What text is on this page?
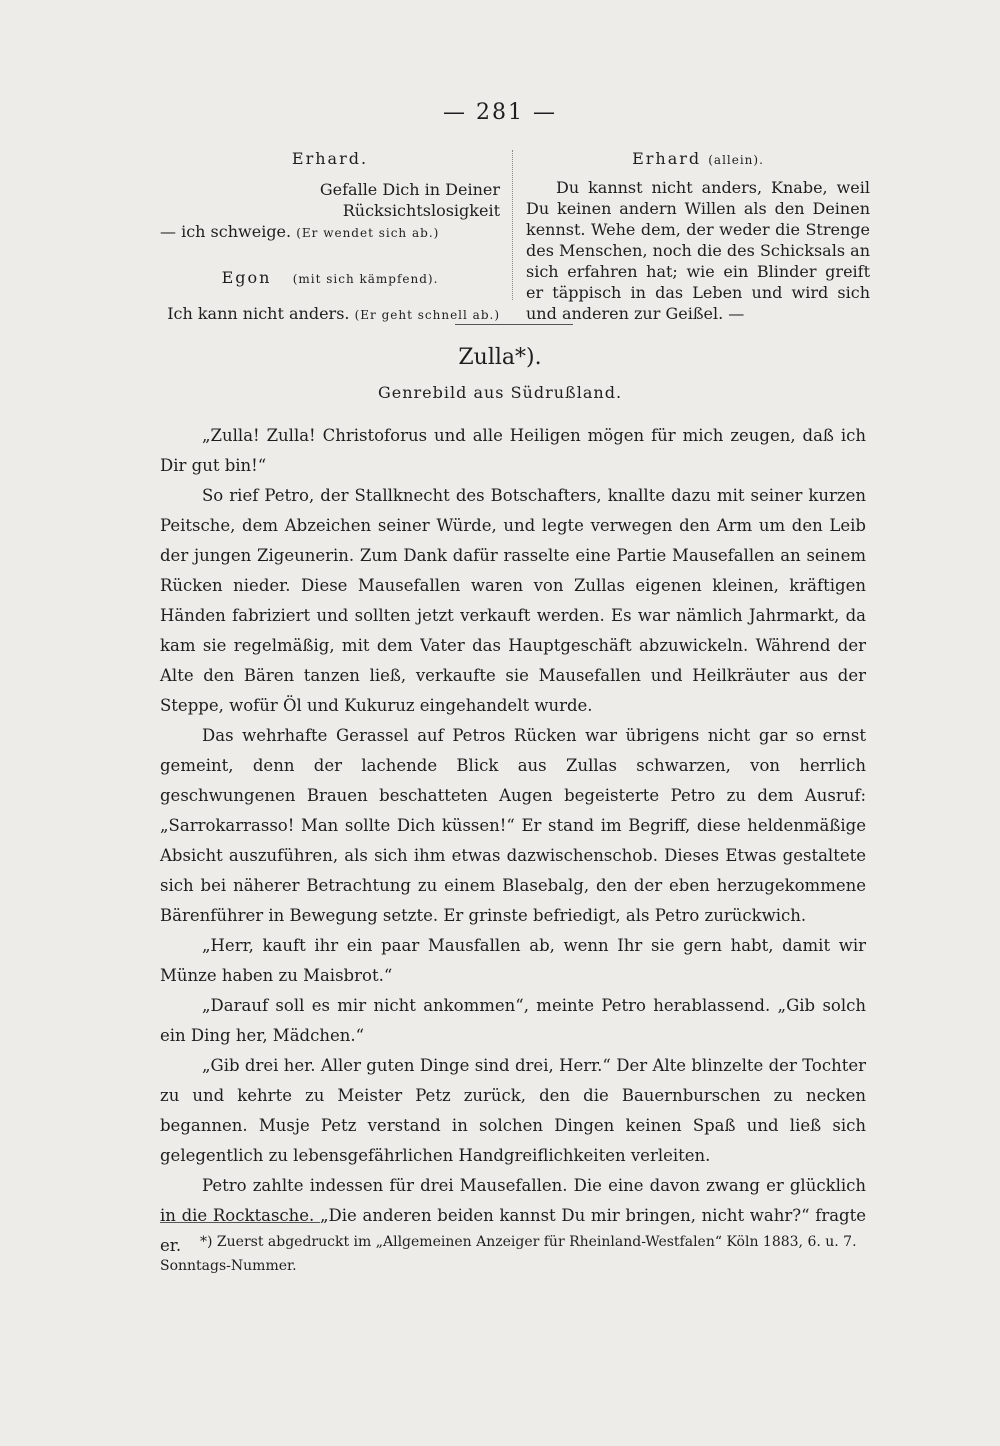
— 281 —

Erhard.

Gefalle Dich in Deiner Rücksichtslosigkeit

— ich schweige. (Er wendet sich ab.)

Egon (mit sich kämpfend).

Ich kann nicht anders. (Er geht schnell ab.)

Erhard (allein).

Du kannst nicht anders, Knabe, weil Du keinen andern Willen als den Deinen kennst. Wehe dem, der weder die Strenge des Menschen, noch die des Schicksals an sich erfahren hat; wie ein Blinder greift er täppisch in das Leben und wird sich und anderen zur Geißel. —

Zulla*).
Genrebild aus Südrußland.

„Zulla! Zulla! Christoforus und alle Heiligen mögen für mich zeugen, daß ich Dir gut bin!“

So rief Petro, der Stallknecht des Botschafters, knallte dazu mit seiner kurzen Peitsche, dem Abzeichen seiner Würde, und legte verwegen den Arm um den Leib der jungen Zigeunerin. Zum Dank dafür rasselte eine Partie Mausefallen an seinem Rücken nieder. Diese Mausefallen waren von Zullas eigenen kleinen, kräftigen Händen fabriziert und sollten jetzt verkauft werden. Es war nämlich Jahrmarkt, da kam sie regelmäßig, mit dem Vater das Hauptgeschäft abzuwickeln. Während der Alte den Bären tanzen ließ, verkaufte sie Mausefallen und Heilkräuter aus der Steppe, wofür Öl und Kukuruz eingehandelt wurde.

Das wehrhafte Gerassel auf Petros Rücken war übrigens nicht gar so ernst gemeint, denn der lachende Blick aus Zullas schwarzen, von herrlich geschwungenen Brauen beschatteten Augen begeisterte Petro zu dem Ausruf: „Sarrokarrasso! Man sollte Dich küssen!“ Er stand im Begriff, diese heldenmäßige Absicht auszuführen, als sich ihm etwas dazwischenschob. Dieses Etwas gestaltete sich bei näherer Betrachtung zu einem Blasebalg, den der eben herzugekommene Bärenführer in Bewegung setzte. Er grinste befriedigt, als Petro zurückwich.

„Herr, kauft ihr ein paar Mausfallen ab, wenn Ihr sie gern habt, damit wir Münze haben zu Maisbrot.“

„Darauf soll es mir nicht ankommen“, meinte Petro herablassend. „Gib solch ein Ding her, Mädchen.“

„Gib drei her. Aller guten Dinge sind drei, Herr.“ Der Alte blinzelte der Tochter zu und kehrte zu Meister Petz zurück, den die Bauernburschen zu necken begannen. Musje Petz verstand in solchen Dingen keinen Spaß und ließ sich gelegentlich zu lebensgefährlichen Handgreiflichkeiten verleiten.

Petro zahlte indessen für drei Mausefallen. Die eine davon zwang er glücklich in die Rocktasche. „Die anderen beiden kannst Du mir bringen, nicht wahr?“ fragte er.	*) Zuerst abgedruckt im „Allgemeinen Anzeiger für Rheinland-Westfalen“ Köln 1883, 6. u. 7. Sonntags-Nummer.
